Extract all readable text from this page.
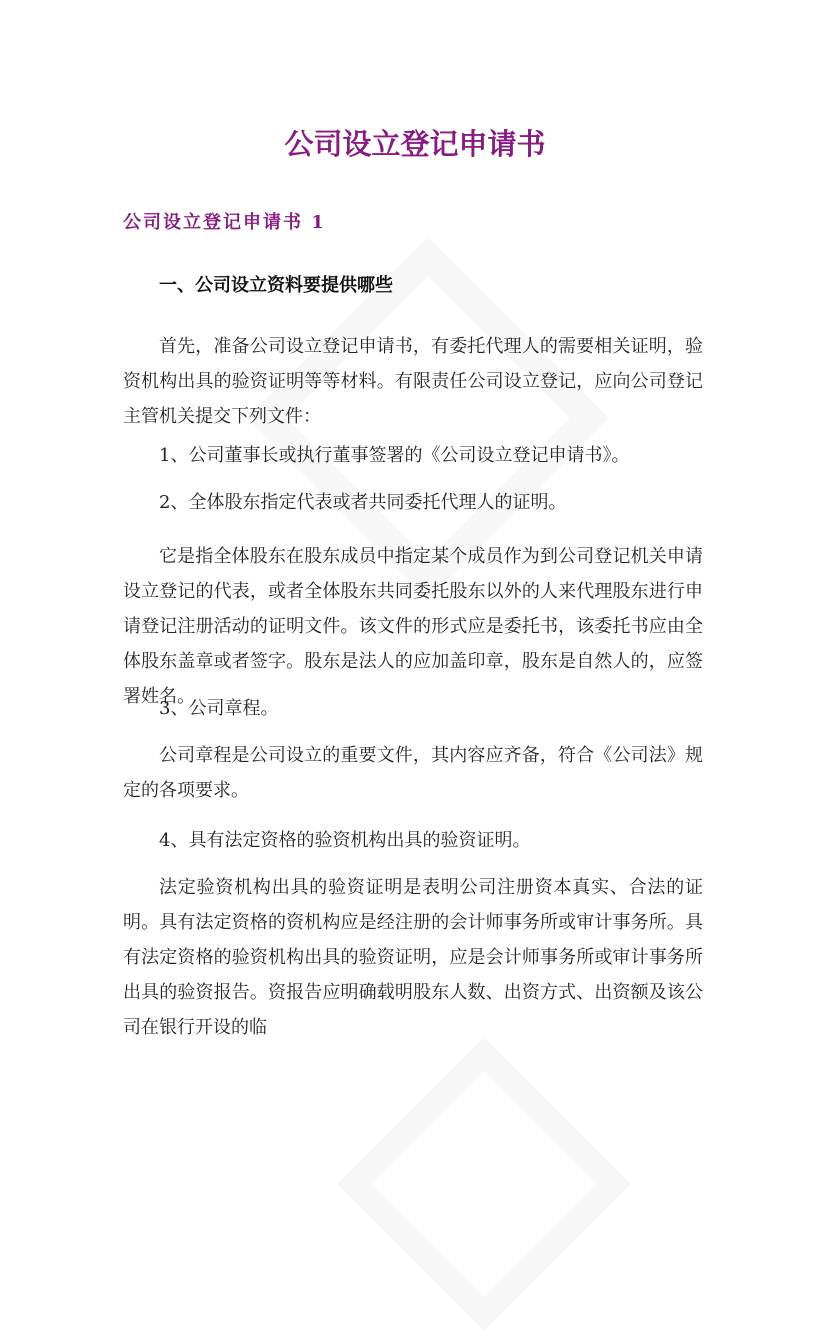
公司设立登记申请书
公司设立登记申请书 1
一、公司设立资料要提供哪些
首先，准备公司设立登记申请书，有委托代理人的需要相关证明，验资机构出具的验资证明等等材料。有限责任公司设立登记，应向公司登记主管机关提交下列文件：
1、公司董事长或执行董事签署的《公司设立登记申请书》。
2、全体股东指定代表或者共同委托代理人的证明。
它是指全体股东在股东成员中指定某个成员作为到公司登记机关申请设立登记的代表，或者全体股东共同委托股东以外的人来代理股东进行申请登记注册活动的证明文件。该文件的形式应是委托书，该委托书应由全体股东盖章或者签字。股东是法人的应加盖印章，股东是自然人的，应签署姓名。
3、公司章程。
公司章程是公司设立的重要文件，其内容应齐备，符合《公司法》规定的各项要求。
4、具有法定资格的验资机构出具的验资证明。
法定验资机构出具的验资证明是表明公司注册资本真实、合法的证明。具有法定资格的资机构应是经注册的会计师事务所或审计事务所。具有法定资格的验资机构出具的验资证明，应是会计师事务所或审计事务所出具的验资报告。资报告应明确载明股东人数、出资方式、出资额及该公司在银行开设的临
